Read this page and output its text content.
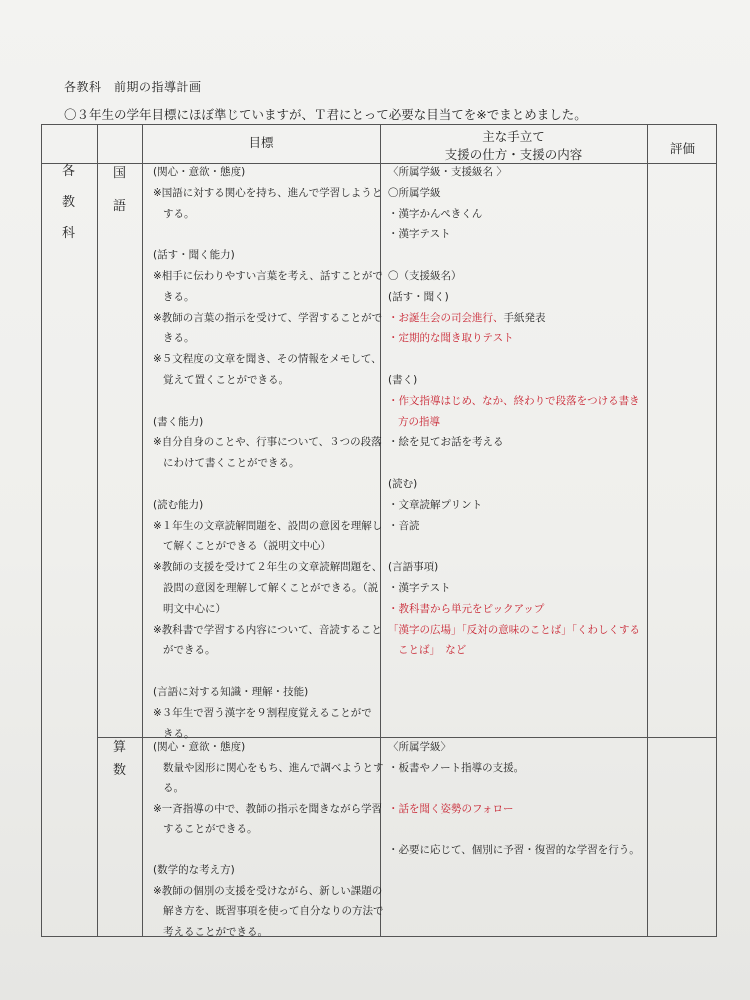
各教科　前期の指導計画
〇３年生の学年目標にほぼ準じていますが、Ｔ君にとって必要な目当てを※でまとめました。
目標	主な手立て
支援の仕方・支援の内容	評価
各
教
科
国
語
算
数
(関心・意欲・態度)
※国語に対する関心を持ち、進んで学習しようと
する。
(話す・聞く能力)
※相手に伝わりやすい言葉を考え、話すことがで
きる。
※教師の言葉の指示を受けて、学習することがで
きる。
※５文程度の文章を聞き、その情報をメモして、
覚えて置くことができる。
(書く能力)
※自分自身のことや、行事について、３つの段落
にわけて書くことができる。
(読む能力)
※１年生の文章読解問題を、設問の意図を理解し
て解くことができる（説明文中心）
※教師の支援を受けて２年生の文章読解問題を、
設問の意図を理解して解くことができる。（説
明文中心に）
※教科書で学習する内容について、音読すること
ができる。
(言語に対する知識・理解・技能)
※３年生で習う漢字を９割程度覚えることがで
きる。
〈所属学級・支援級名 〉
〇所属学級
・漢字かんぺきくん
・漢字テスト
〇（支援級名）
(話す・聞く)
・お誕生会の司会進行、手紙発表
・定期的な聞き取りテスト
(書く)
・作文指導はじめ、なか、終わりで段落をつける書き
方の指導
・絵を見てお話を考える
(読む)
・文章読解プリント
・音読
(言語事項)
・漢字テスト
・教科書から単元をピックアップ
「漢字の広場」「反対の意味のことば」「くわしくする
ことば」　など
(関心・意欲・態度)
数量や図形に関心をもち、進んで調べようとす
る。
※一斉指導の中で、教師の指示を聞きながら学習
することができる。
(数学的な考え方)
※教師の個別の支援を受けながら、新しい課題の
解き方を、既習事項を使って自分なりの方法で
考えることができる。
〈所属学級〉
・板書やノート指導の支援。
・話を聞く姿勢のフォロー
・必要に応じて、個別に予習・復習的な学習を行う。
